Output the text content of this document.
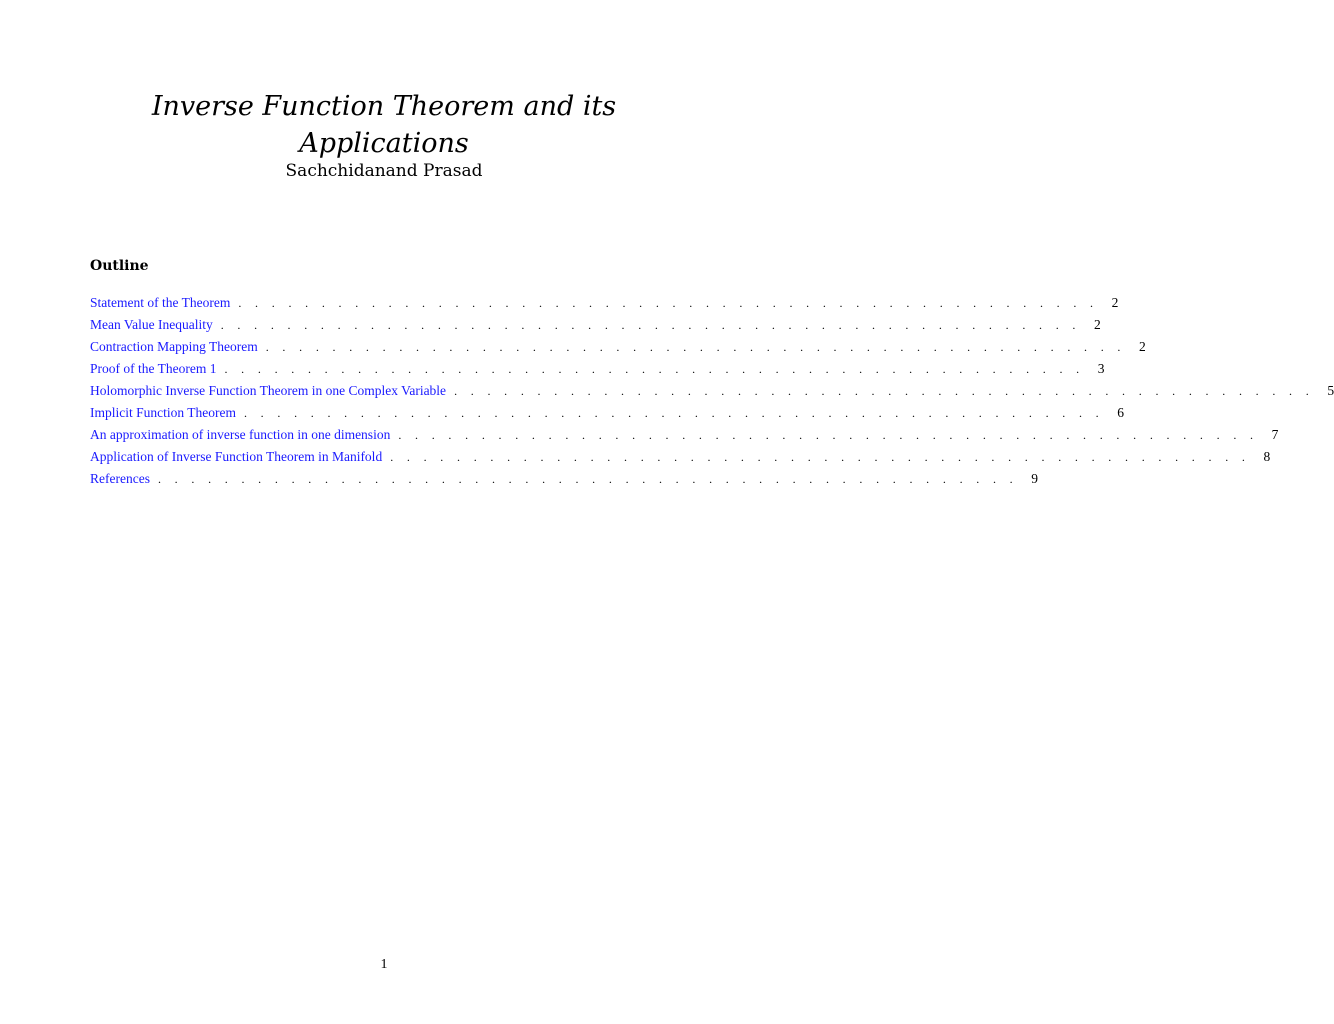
Inverse Function Theorem and its Applications
Sachchidanand Prasad
Outline
Statement of the Theorem . . . . . . . . . . . . . . . . . . . . . . . . . . . . . . . . . . . . . . . . . . . . . . . . . . . . 2
Mean Value Inequality . . . . . . . . . . . . . . . . . . . . . . . . . . . . . . . . . . . . . . . . . . . . . . . . . . . . 2
Contraction Mapping Theorem . . . . . . . . . . . . . . . . . . . . . . . . . . . . . . . . . . . . . . . . . . . . . . . . . . . . 2
Proof of the Theorem 1 . . . . . . . . . . . . . . . . . . . . . . . . . . . . . . . . . . . . . . . . . . . . . . . . . . . . 3
Holomorphic Inverse Function Theorem in one Complex Variable . . . . . . . . . . . . . . . . . . . . . . . . . . . . . . . . . . . . . . . . . . . . . . . . . . . . 5
Implicit Function Theorem . . . . . . . . . . . . . . . . . . . . . . . . . . . . . . . . . . . . . . . . . . . . . . . . . . . . 6
An approximation of inverse function in one dimension . . . . . . . . . . . . . . . . . . . . . . . . . . . . . . . . . . . . . . . . . . . . . . . . . . . . 7
Application of Inverse Function Theorem in Manifold . . . . . . . . . . . . . . . . . . . . . . . . . . . . . . . . . . . . . . . . . . . . . . . . . . . . 8
References . . . . . . . . . . . . . . . . . . . . . . . . . . . . . . . . . . . . . . . . . . . . . . . . . . . . 9
1
